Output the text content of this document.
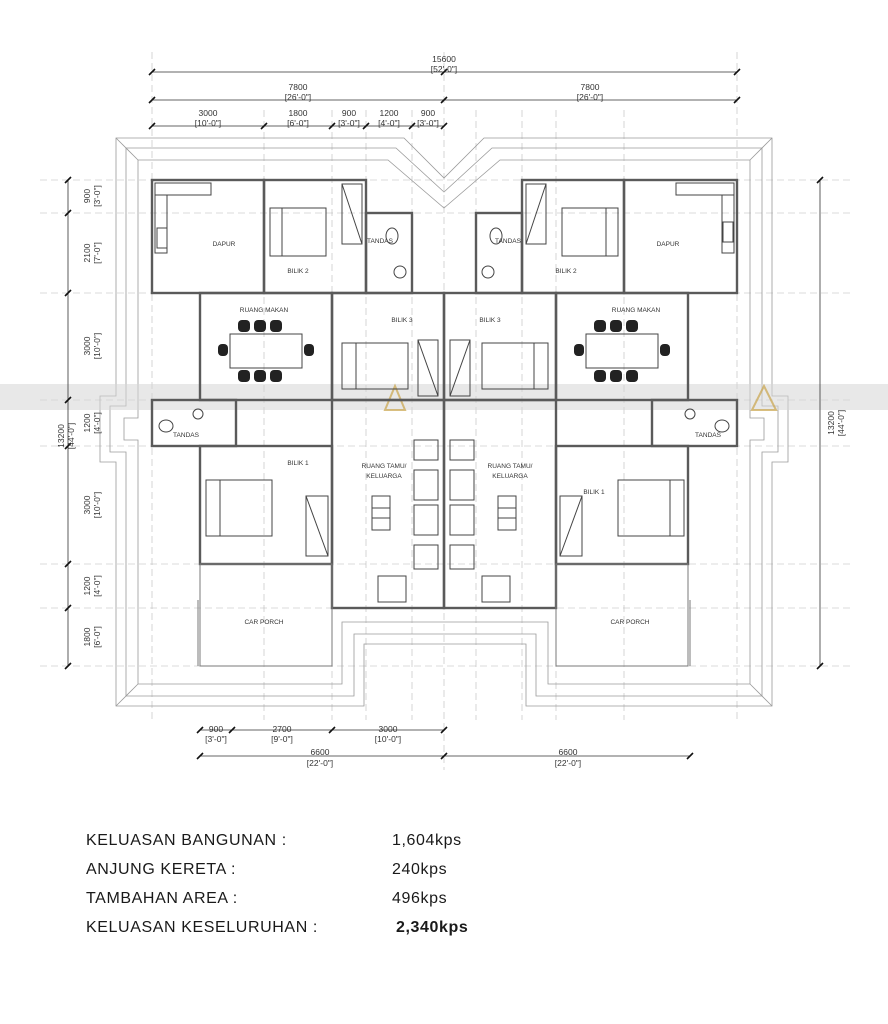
DAPUR
BILIK 2
TANDAS
RUANG MAKAN
BILIK 3
TANDAS
BILIK 1	RUANG TAMU/
KELUARGA
CAR PORCH
DAPUR
BILIK 2
TANDAS
RUANG MAKAN
BILIK 3
TANDAS
BILIK 1
RUANG TAMU/
KELUARGA
CAR PORCH
15600
[52'-0"]
7800
[26'-0"]
7800
[26'-0"]
3000
[10'-0"]
1800
[6'-0"]
900
[3'-0"]
1200
[4'-0"]
900
[3'-0"]
900 [3'-0"]
2100 [7'-0"]
3000 [10'-0"]
1200 [4'-0"]
3000 [10'-0"]
1200 [4'-0"]
1800 [6'-0"]
13200 [44'-0"]	13200 [44'-0"]
900
[3'-0"]
2700
[9'-0"]
3000
[10'-0"]
6600
[22'-0"]
6600
[22'-0"]
KELUASAN BANGUNAN :	1,604kps
ANJUNG KERETA :	240kps
TAMBAHAN AREA :	496kps
KELUASAN KESELURUHAN :	2,340kps
